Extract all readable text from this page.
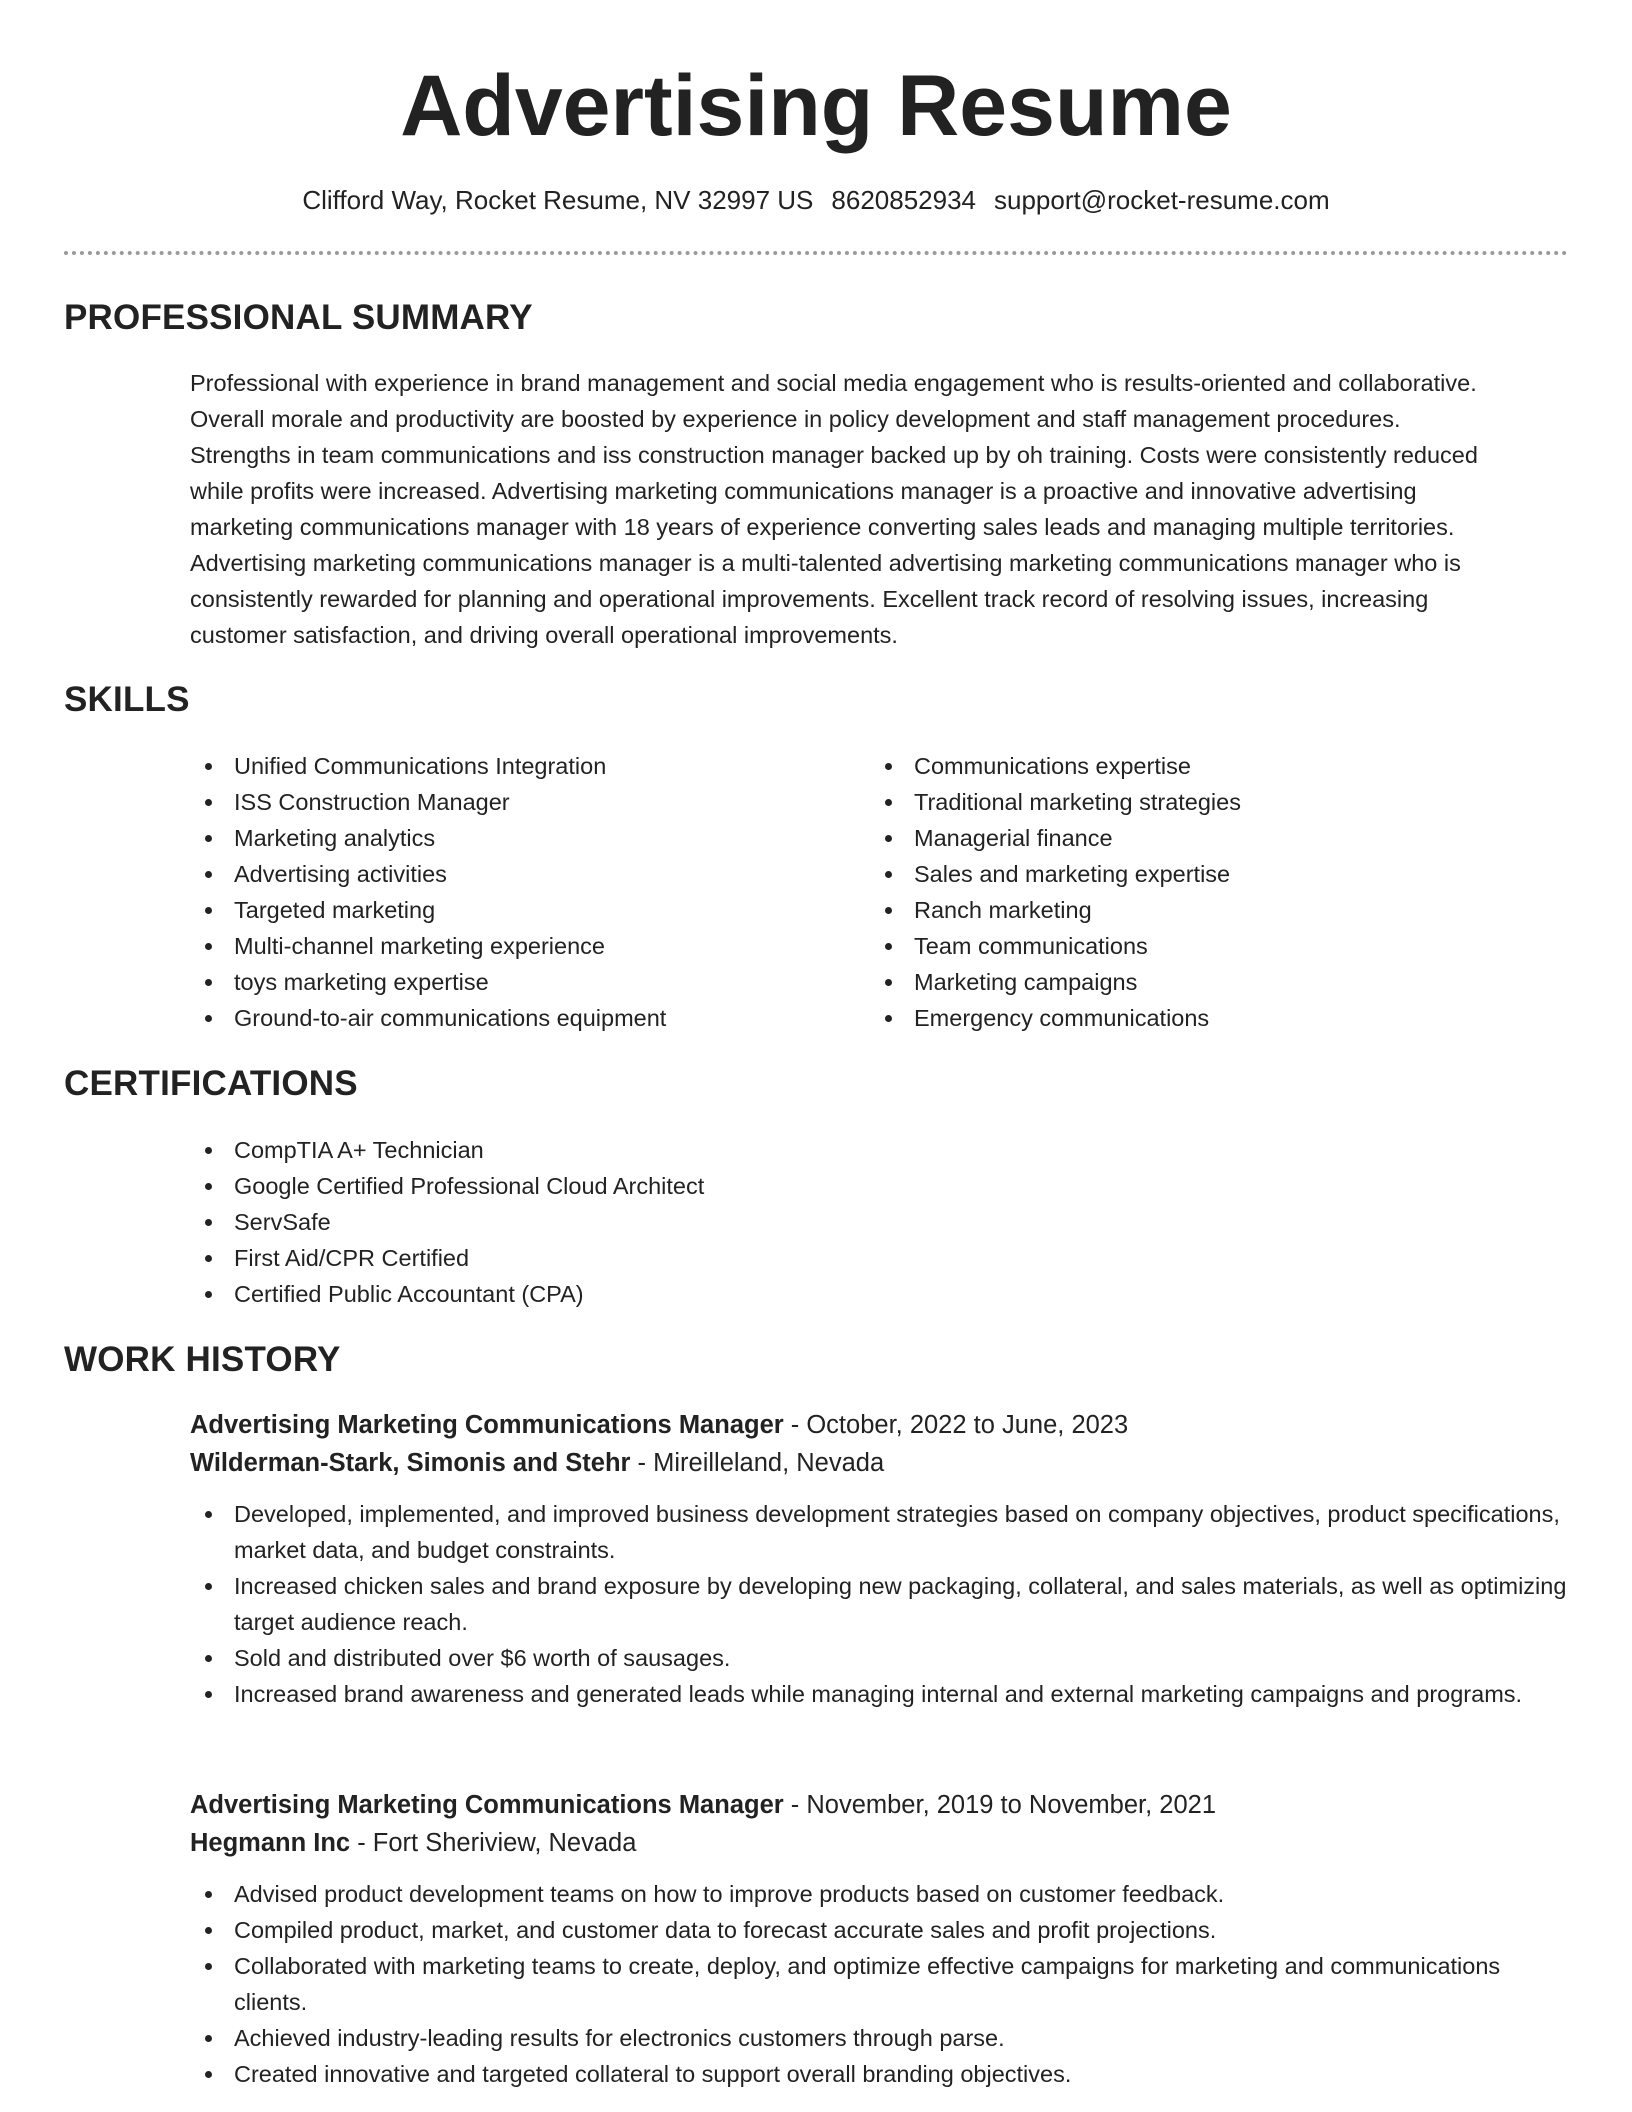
Advertising Resume
Clifford Way, Rocket Resume, NV 32997 US 8620852934 support@rocket-resume.com
PROFESSIONAL SUMMARY
Professional with experience in brand management and social media engagement who is results-oriented and collaborative.
Overall morale and productivity are boosted by experience in policy development and staff management procedures.
Strengths in team communications and iss construction manager backed up by oh training. Costs were consistently reduced
while profits were increased. Advertising marketing communications manager is a proactive and innovative advertising
marketing communications manager with 18 years of experience converting sales leads and managing multiple territories.
Advertising marketing communications manager is a multi-talented advertising marketing communications manager who is
consistently rewarded for planning and operational improvements. Excellent track record of resolving issues, increasing
customer satisfaction, and driving overall operational improvements.
SKILLS
Unified Communications Integration
ISS Construction Manager
Marketing analytics
Advertising activities
Targeted marketing
Multi-channel marketing experience
toys marketing expertise
Ground-to-air communications equipment
Communications expertise
Traditional marketing strategies
Managerial finance
Sales and marketing expertise
Ranch marketing
Team communications
Marketing campaigns
Emergency communications
CERTIFICATIONS
CompTIA A+ Technician
Google Certified Professional Cloud Architect
ServSafe
First Aid/CPR Certified
Certified Public Accountant (CPA)
WORK HISTORY
Advertising Marketing Communications Manager - October, 2022 to June, 2023
Wilderman-Stark, Simonis and Stehr - Mireilleland, Nevada
Developed, implemented, and improved business development strategies based on company objectives, product specifications, market data, and budget constraints.
Increased chicken sales and brand exposure by developing new packaging, collateral, and sales materials, as well as optimizing target audience reach.
Sold and distributed over $6 worth of sausages.
Increased brand awareness and generated leads while managing internal and external marketing campaigns and programs.
Advertising Marketing Communications Manager - November, 2019 to November, 2021
Hegmann Inc - Fort Sheriview, Nevada
Advised product development teams on how to improve products based on customer feedback.
Compiled product, market, and customer data to forecast accurate sales and profit projections.
Collaborated with marketing teams to create, deploy, and optimize effective campaigns for marketing and communications clients.
Achieved industry-leading results for electronics customers through parse.
Created innovative and targeted collateral to support overall branding objectives.
